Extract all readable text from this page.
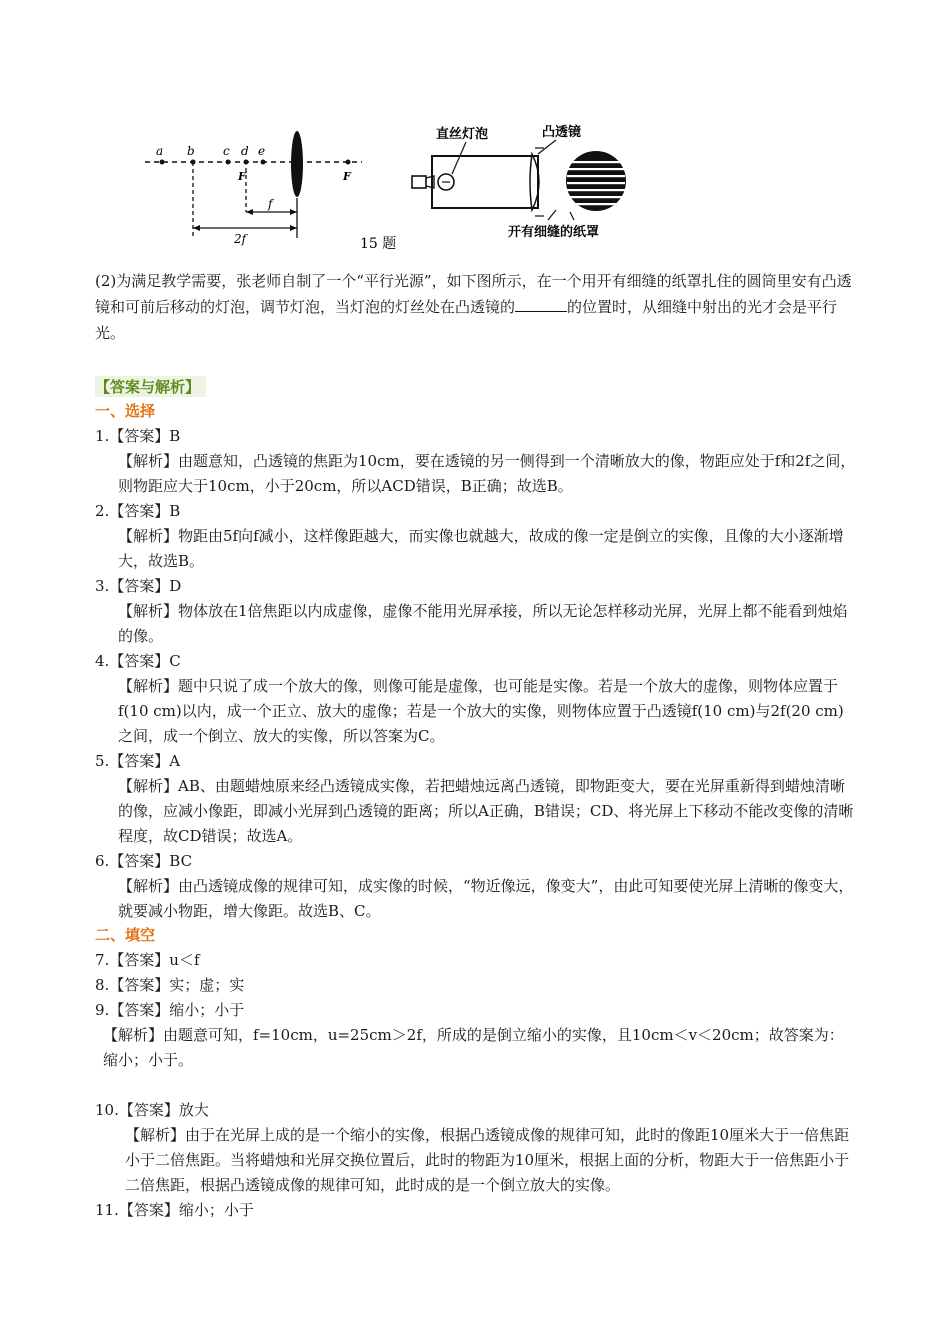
a b c d e
F	F
f
2f
直丝灯泡	凸透镜
开有细缝的纸罩
15 题
(2)为满足教学需要，张老师自制了一个“平行光源”，如下图所示，在一个用开有细缝的纸罩扎住的圆筒里安有凸透镜和可前后移动的灯泡，调节灯泡，当灯泡的灯丝处在凸透镜的	的位置时，从细缝中射出的光才会是平行光。
【答案与解析】
一、选择
1.【答案】B
【解析】由题意知，凸透镜的焦距为10cm，要在透镜的另一侧得到一个清晰放大的像，物距应处于f和2f之间，则物距应大于10cm，小于20cm，所以ACD错误，B正确；故选B。
2.【答案】B
【解析】物距由5f向f减小，这样像距越大，而实像也就越大，故成的像一定是倒立的实像，且像的大小逐渐增大，故选B。
3.【答案】D
【解析】物体放在1倍焦距以内成虚像，虚像不能用光屏承接，所以无论怎样移动光屏，光屏上都不能看到烛焰的像。
4.【答案】C
【解析】题中只说了成一个放大的像，则像可能是虚像，也可能是实像。若是一个放大的虚像，则物体应置于f(10 cm)以内，成一个正立、放大的虚像；若是一个放大的实像，则物体应置于凸透镜f(10 cm)与2f(20 cm)之间，成一个倒立、放大的实像，所以答案为C。
5.【答案】A
【解析】AB、由题蜡烛原来经凸透镜成实像，若把蜡烛远离凸透镜，即物距变大，要在光屏重新得到蜡烛清晰的像，应减小像距，即减小光屏到凸透镜的距离；所以A正确，B错误；CD、将光屏上下移动不能改变像的清晰程度，故CD错误；故选A。
6.【答案】BC
【解析】由凸透镜成像的规律可知，成实像的时候，“物近像远，像变大”，由此可知要使光屏上清晰的像变大，就要减小物距，增大像距。故选B、C。
二、填空
7.【答案】u＜f
8.【答案】实；虚；实
9.【答案】缩小；小于
【解析】由题意可知，f=10cm，u=25cm＞2f，所成的是倒立缩小的实像，且10cm＜v＜20cm；故答案为：缩小；小于。
10.【答案】放大
【解析】由于在光屏上成的是一个缩小的实像，根据凸透镜成像的规律可知，此时的像距10厘米大于一倍焦距小于二倍焦距。当将蜡烛和光屏交换位置后，此时的物距为10厘米，根据上面的分析，物距大于一倍焦距小于二倍焦距，根据凸透镜成像的规律可知，此时成的是一个倒立放大的实像。
11.【答案】缩小；小于
